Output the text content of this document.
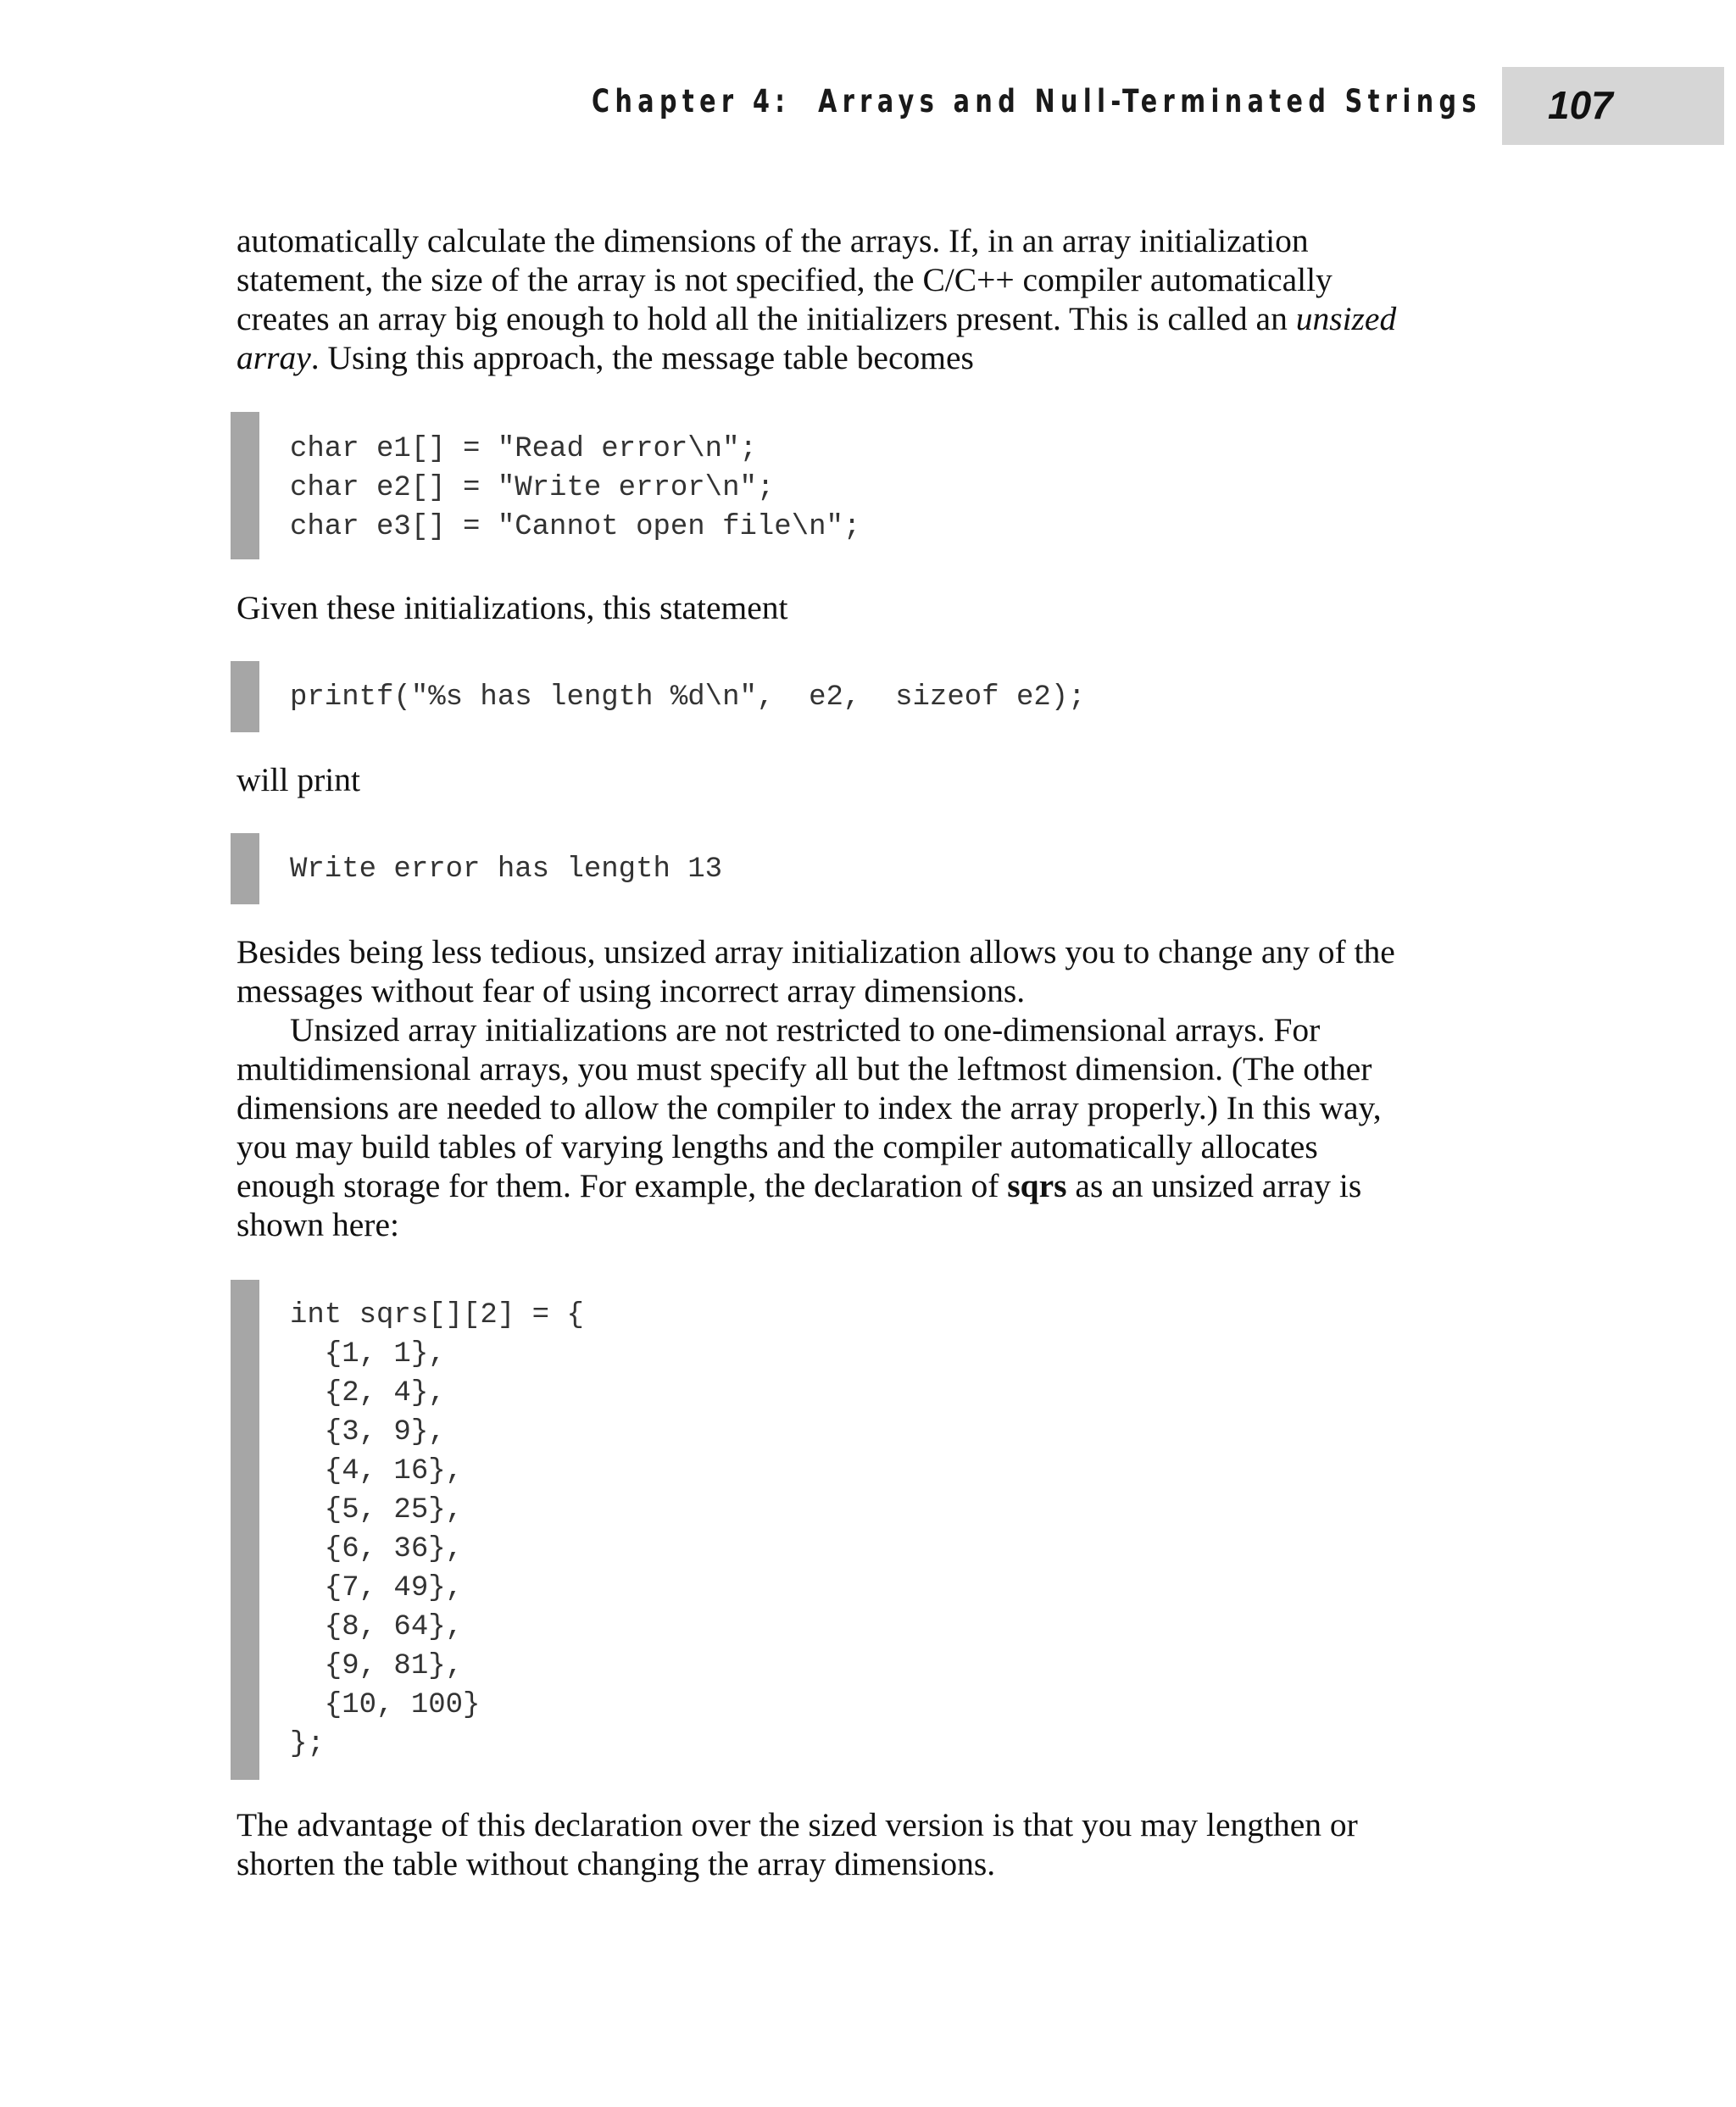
Chapter 4:  Arrays and Null-Terminated Strings 107

automatically calculate the dimensions of the arrays. If, in an array initialization
statement, the size of the array is not specified, the C/C++ compiler automatically
creates an array big enough to hold all the initializers present. This is called an unsized
array. Using this approach, the message table becomes

char e1[] = "Read error\n";
char e2[] = "Write error\n";
char e3[] = "Cannot open file\n";

Given these initializations, this statement

printf("%s has length %d\n",  e2,  sizeof e2);

will print

Write error has length 13

Besides being less tedious, unsized array initialization allows you to change any of the
messages without fear of using incorrect array dimensions.

Unsized array initializations are not restricted to one-dimensional arrays. For
multidimensional arrays, you must specify all but the leftmost dimension. (The other
dimensions are needed to allow the compiler to index the array properly.) In this way,
you may build tables of varying lengths and the compiler automatically allocates
enough storage for them. For example, the declaration of sqrs as an unsized array is
shown here:

int sqrs[][2] = {
{1, 1},
{2, 4},
{3, 9},
{4, 16},
{5, 25},
{6, 36},
{7, 49},
{8, 64},
{9, 81},
{10, 100}
};

The advantage of this declaration over the sized version is that you may lengthen or
shorten the table without changing the array dimensions.
